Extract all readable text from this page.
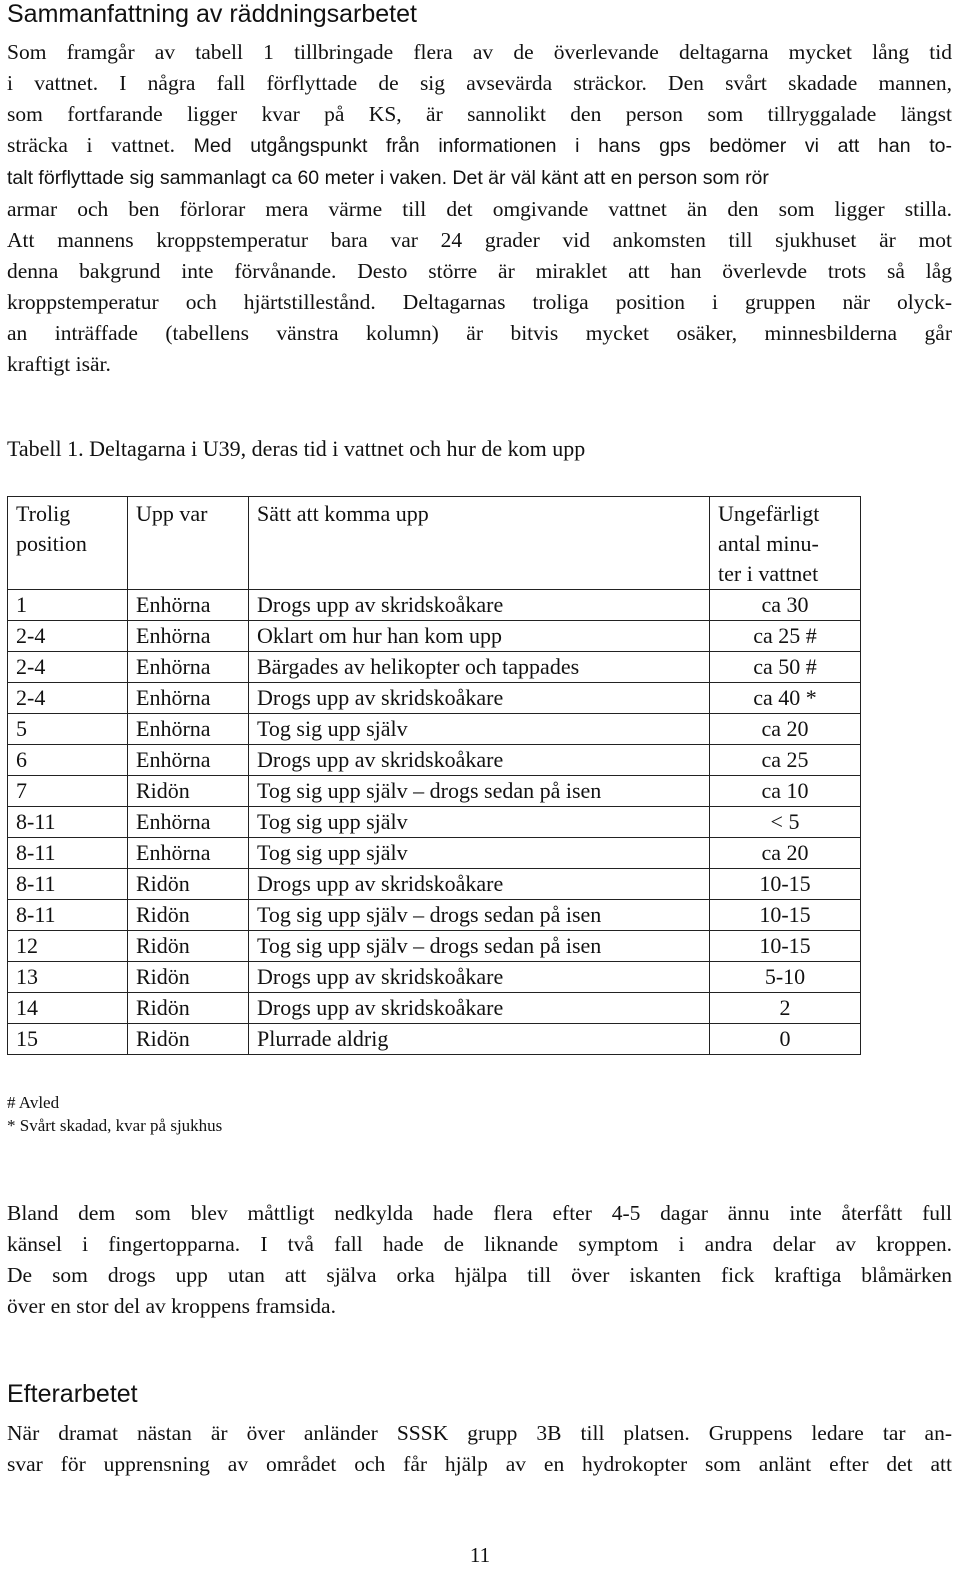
Sammanfattning av räddningsarbetet
Som framgår av tabell 1 tillbringade flera av de överlevande deltagarna mycket lång tid
i vattnet. I några fall förflyttade de sig avsevärda sträckor. Den svårt skadade mannen,
som fortfarande ligger kvar på KS, är sannolikt den person som tillryggalade längst
sträcka i vattnet. Med utgångspunkt från informationen i hans gps bedömer vi att han to-
talt förflyttade sig sammanlagt ca 60 meter i vaken. Det är väl känt att en person som rör
armar och ben förlorar mera värme till det omgivande vattnet än den som ligger stilla.
Att mannens kroppstemperatur bara var 24 grader vid ankomsten till sjukhuset är mot
denna bakgrund inte förvånande. Desto större är miraklet att han överlevde trots så låg
kroppstemperatur och hjärtstillestånd. Deltagarnas troliga position i gruppen när olyck-
an inträffade (tabellens vänstra kolumn) är bitvis mycket osäker, minnesbilderna går
kraftigt isär.

Tabell 1. Deltagarna i U39, deras tid i vattnet och hur de kom upp

Trolig
position	Upp var	Sätt att komma upp	Ungefärligt
antal minu-
ter i vattnet
1	Enhörna	Drogs upp av skridskoåkare	ca 30
2-4	Enhörna	Oklart om hur han kom upp	ca 25 #
2-4	Enhörna	Bärgades av helikopter och tappades	ca 50 #
2-4	Enhörna	Drogs upp av skridskoåkare	ca 40 *
5	Enhörna	Tog sig upp själv	ca 20
6	Enhörna	Drogs upp av skridskoåkare	ca 25
7	Ridön	Tog sig upp själv – drogs sedan på isen	ca 10
8-11	Enhörna	Tog sig upp själv	< 5
8-11	Enhörna	Tog sig upp själv	ca 20
8-11	Ridön	Drogs upp av skridskoåkare	10-15
8-11	Ridön	Tog sig upp själv – drogs sedan på isen	10-15
12	Ridön	Tog sig upp själv – drogs sedan på isen	10-15
13	Ridön	Drogs upp av skridskoåkare	5-10
14	Ridön	Drogs upp av skridskoåkare	2
15	Ridön	Plurrade aldrig	0
# Avled
* Svårt skadad, kvar på sjukhus
Bland dem som blev måttligt nedkylda hade flera efter 4-5 dagar ännu inte återfått full
känsel i fingertopparna. I två fall hade de liknande symptom i andra delar av kroppen.
De som drogs upp utan att själva orka hjälpa till över iskanten fick kraftiga blåmärken
över en stor del av kroppens framsida.
Efterarbetet
När dramat nästan är över anländer SSSK grupp 3B till platsen. Gruppens ledare tar an-
svar för upprensning av området och får hjälp av en hydrokopter som anlänt efter det att

11
